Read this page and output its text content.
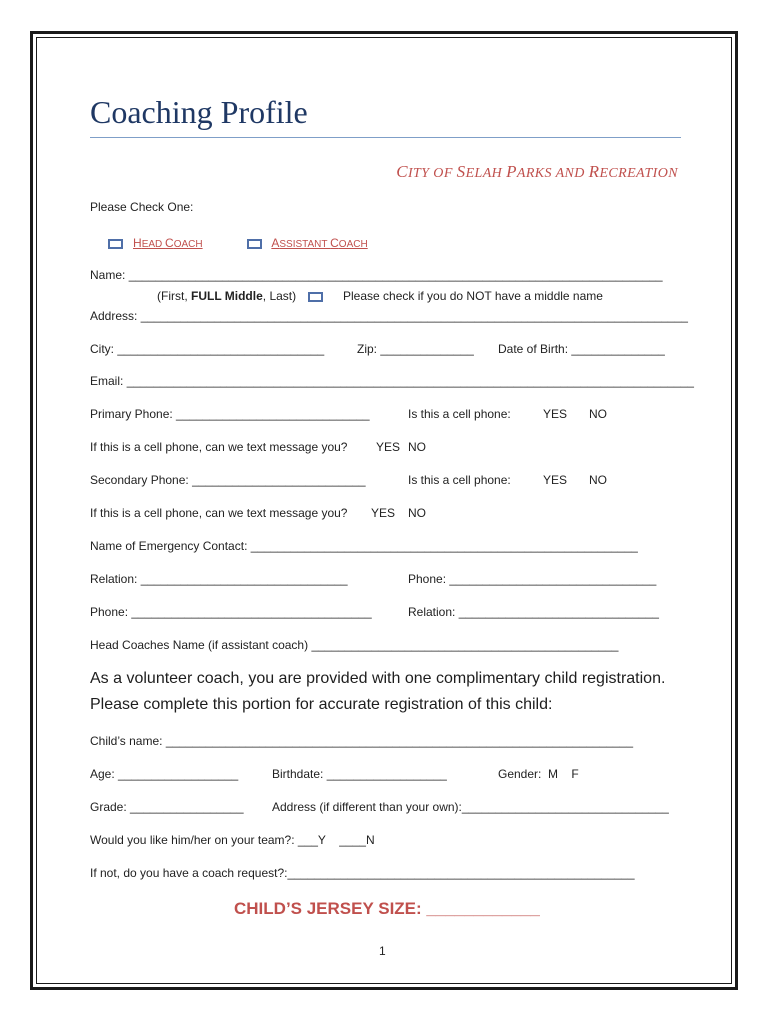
Coaching Profile
CITY OF SELAH PARKS AND RECREATION
Please Check One:
HEAD COACH	ASSISTANT COACH
Name: ________________________________________________________________________________
(First, FULL Middle, Last)	Please check if you do NOT have a middle name
Address: __________________________________________________________________________________
City: _______________________________	Zip: ______________ Date of Birth: ______________
Email: _____________________________________________________________________________________
Primary Phone: _____________________________	Is this a cell phone:	YES NO
If this is a cell phone, can we text message you? YES NO
Secondary Phone: __________________________	Is this a cell phone:	YES NO
If this is a cell phone, can we text message you? YES NO
Name of Emergency Contact: __________________________________________________________
Relation: _______________________________	Phone: _______________________________
Phone: ____________________________________	Relation: ______________________________
Head Coaches Name (if assistant coach) ______________________________________________
As a volunteer coach, you are provided with one complimentary child registration.
Please complete this portion for accurate registration of this child:
Child’s name: ______________________________________________________________________
Age: __________________	Birthdate: __________________	Gender: M F
Grade: _________________ Address (if different than your own):_______________________________
Would you like him/her on your team?: ___Y ____N
If not, do you have a coach request?:____________________________________________________
CHILD’S JERSEY SIZE: ____________
1
